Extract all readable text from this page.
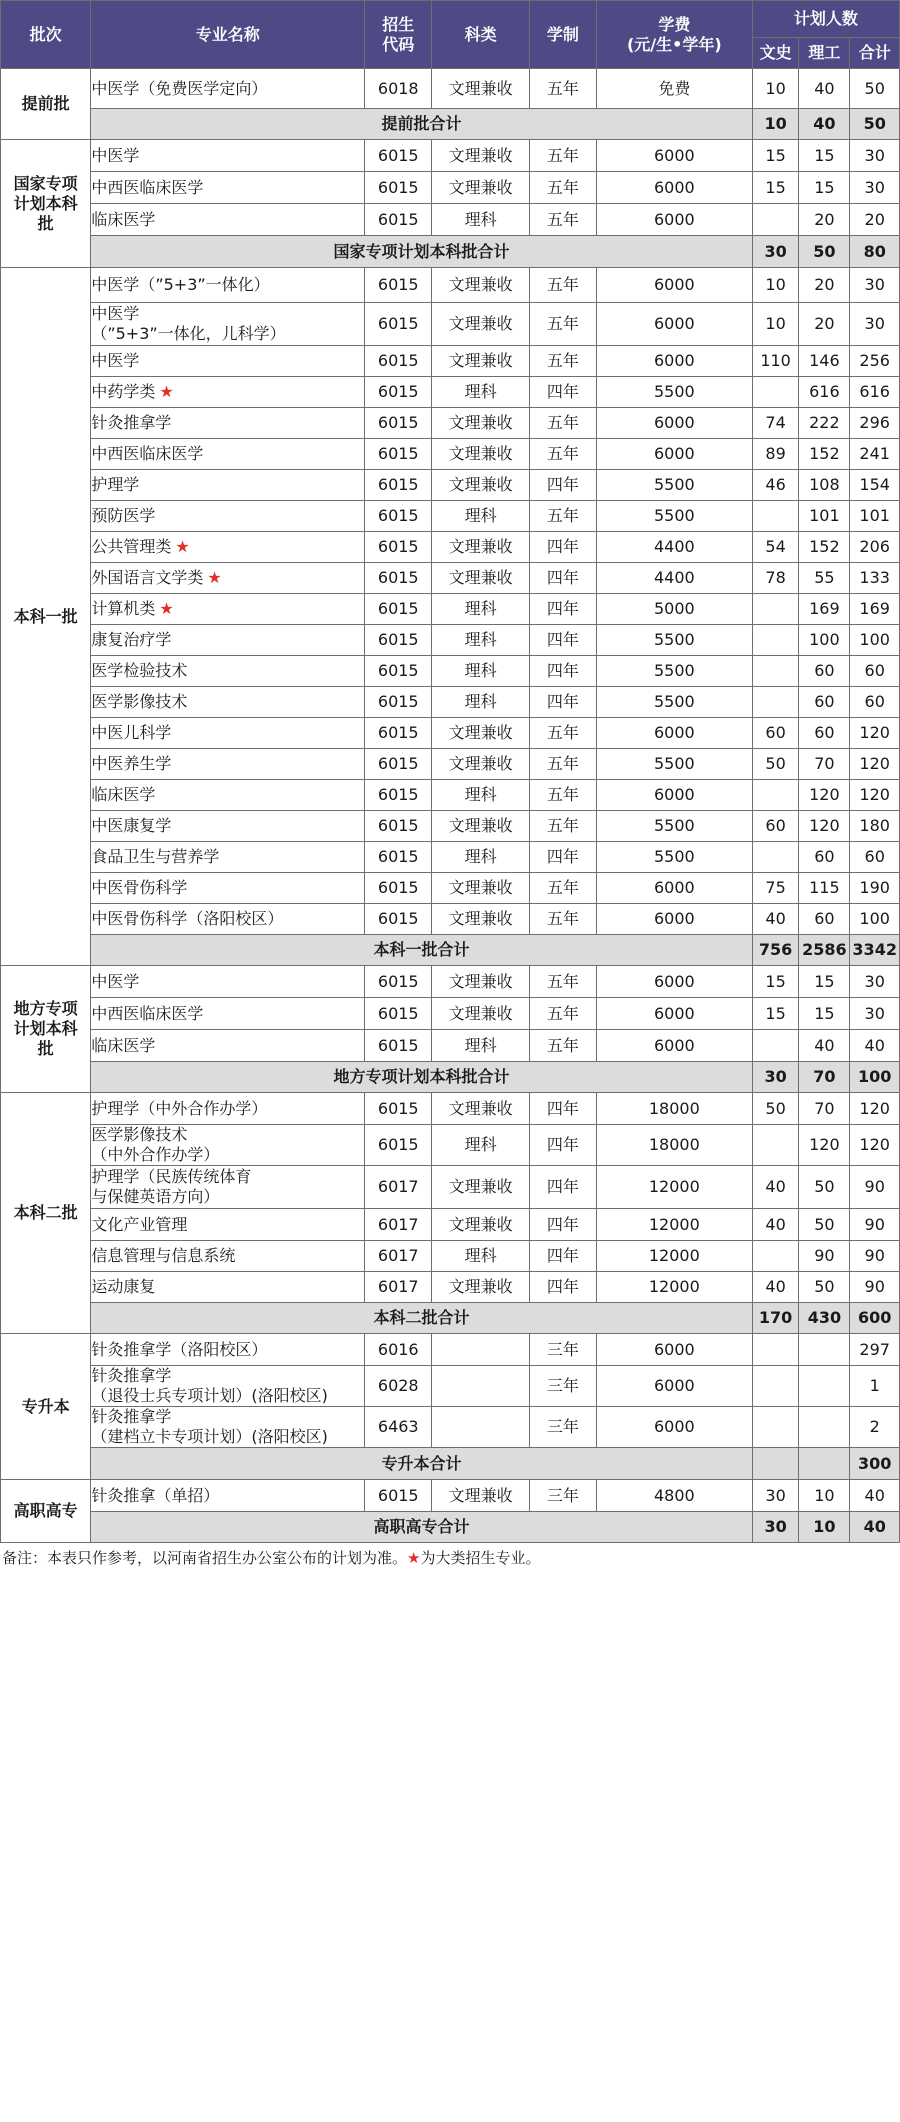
批次	专业名称	招生
代码	科类	学制	学费
(元/生•学年)	计划人数		
						文史	理工	合计
提前批	中医学（免费医学定向）	6018	文理兼收	五年	免费	10	40	50
	提前批合计					10	40	50
国家专项
计划本科
批	中医学	6015	文理兼收	五年	6000	15	15	30
	中西医临床医学	6015	文理兼收	五年	6000	15	15	30
	临床医学	6015	理科	五年	6000		20	20
	国家专项计划本科批合计					30	50	80
本科一批	中医学（”5+3”一体化）	6015	文理兼收	五年	6000	10	20	30
	中医学
（”5+3”一体化，儿科学）	6015	文理兼收	五年	6000	10	20	30
	中医学	6015	文理兼收	五年	6000	110	146	256
	中药学类 ★	6015	理科	四年	5500		616	616
	针灸推拿学	6015	文理兼收	五年	6000	74	222	296
	中西医临床医学	6015	文理兼收	五年	6000	89	152	241
	护理学	6015	文理兼收	四年	5500	46	108	154
	预防医学	6015	理科	五年	5500		101	101
	公共管理类 ★	6015	文理兼收	四年	4400	54	152	206
	外国语言文学类 ★	6015	文理兼收	四年	4400	78	55	133
	计算机类 ★	6015	理科	四年	5000		169	169
	康复治疗学	6015	理科	四年	5500		100	100
	医学检验技术	6015	理科	四年	5500		60	60
	医学影像技术	6015	理科	四年	5500		60	60
	中医儿科学	6015	文理兼收	五年	6000	60	60	120
	中医养生学	6015	文理兼收	五年	5500	50	70	120
	临床医学	6015	理科	五年	6000		120	120
	中医康复学	6015	文理兼收	五年	5500	60	120	180
	食品卫生与营养学	6015	理科	四年	5500		60	60
	中医骨伤科学	6015	文理兼收	五年	6000	75	115	190
	中医骨伤科学（洛阳校区）	6015	文理兼收	五年	6000	40	60	100
	本科一批合计					756	2586	3342
地方专项
计划本科
批	中医学	6015	文理兼收	五年	6000	15	15	30
	中西医临床医学	6015	文理兼收	五年	6000	15	15	30
	临床医学	6015	理科	五年	6000		40	40
	地方专项计划本科批合计					30	70	100
本科二批	护理学（中外合作办学）	6015	文理兼收	四年	18000	50	70	120
	医学影像技术
（中外合作办学）	6015	理科	四年	18000		120	120
	护理学（民族传统体育
与保健英语方向）	6017	文理兼收	四年	12000	40	50	90
	文化产业管理	6017	文理兼收	四年	12000	40	50	90
	信息管理与信息系统	6017	理科	四年	12000		90	90
	运动康复	6017	文理兼收	四年	12000	40	50	90
	本科二批合计					170	430	600
专升本	针灸推拿学（洛阳校区）	6016		三年	6000			297
	针灸推拿学
（退役士兵专项计划）(洛阳校区)	6028		三年	6000			1
	针灸推拿学
（建档立卡专项计划）(洛阳校区)	6463		三年	6000			2
	专升本合计							300
高职高专	针灸推拿（单招）	6015	文理兼收	三年	4800	30	10	40
	高职高专合计					30	10	40
备注：本表只作参考，以河南省招生办公室公布的计划为准。★为大类招生专业。
